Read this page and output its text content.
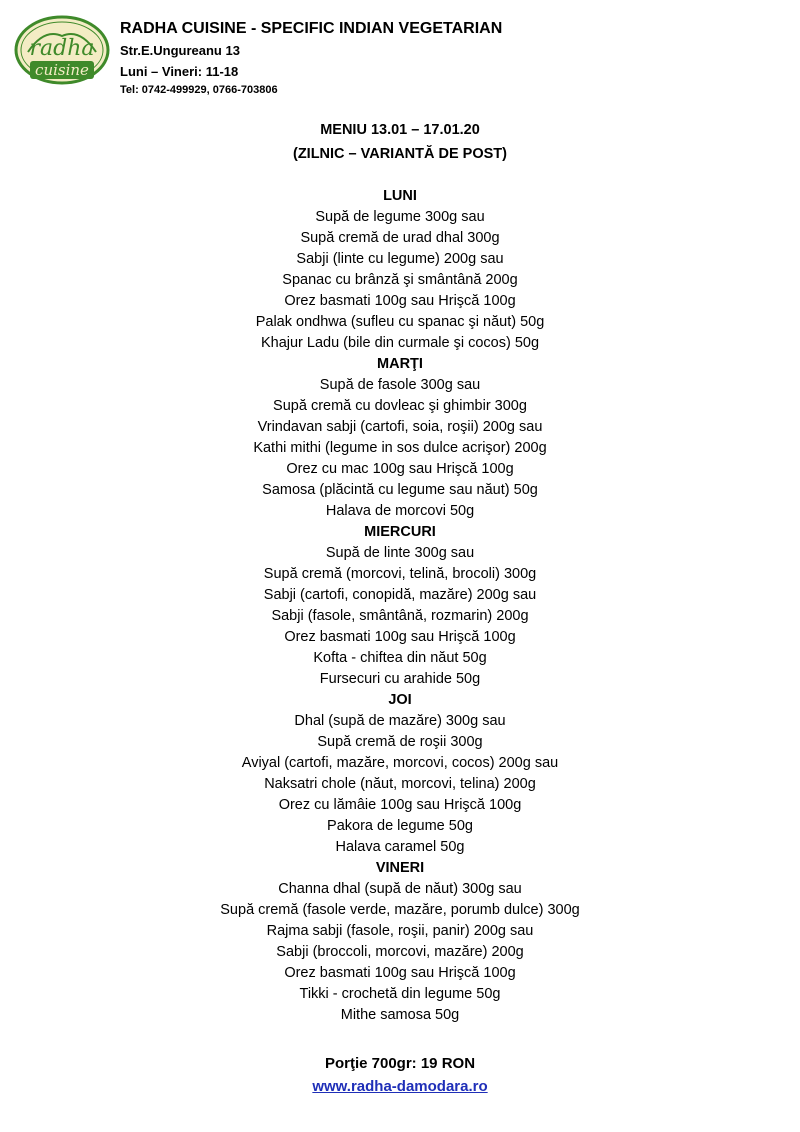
radha
cuisine

RADHA CUISINE - SPECIFIC INDIAN VEGETARIAN

Str.E.Ungureanu 13

Luni – Vineri: 11-18

Tel: 0742-499929, 0766-703806

MENIU 13.01 – 17.01.20
(ZILNIC – VARIANTĂ DE POST)
LUNI
Supă de legume 300g sau
Supă cremă de urad dhal 300g
Sabji (linte cu legume) 200g sau
Spanac cu brânză şi smântână 200g
Orez basmati 100g sau Hrişcă 100g
Palak ondhwa (sufleu cu spanac şi năut) 50g
Khajur Ladu (bile din curmale şi cocos) 50g
MARŢI
Supă de fasole 300g sau
Supă cremă cu dovleac şi ghimbir 300g
Vrindavan sabji (cartofi, soia, roşii) 200g sau
Kathi mithi (legume in sos dulce acrişor) 200g
Orez cu mac 100g sau Hrişcă 100g
Samosa (plăcintă cu legume sau năut) 50g
Halava de morcovi 50g
MIERCURI
Supă de linte 300g sau
Supă cremă (morcovi, telină, brocoli) 300g
Sabji (cartofi, conopidă, mazăre) 200g sau
Sabji (fasole, smântână, rozmarin) 200g
Orez basmati 100g sau Hrişcă 100g
Kofta - chiftea din năut 50g
Fursecuri cu arahide 50g
JOI
Dhal (supă de mazăre) 300g sau
Supă cremă de roşii 300g
Aviyal (cartofi, mazăre, morcovi, cocos) 200g sau
Naksatri chole (năut, morcovi, telina) 200g
Orez cu lămâie 100g sau Hrişcă 100g
Pakora de legume 50g
Halava caramel 50g
VINERI
Channa dhal (supă de năut) 300g sau
Supă cremă (fasole verde, mazăre, porumb dulce) 300g
Rajma sabji (fasole, roşii, panir) 200g sau
Sabji (broccoli, morcovi, mazăre) 200g
Orez basmati 100g sau Hrişcă 100g
Tikki - crochetă din legume 50g
Mithe samosa 50g
Porţie 700gr: 19 RON
www.radha-damodara.ro
